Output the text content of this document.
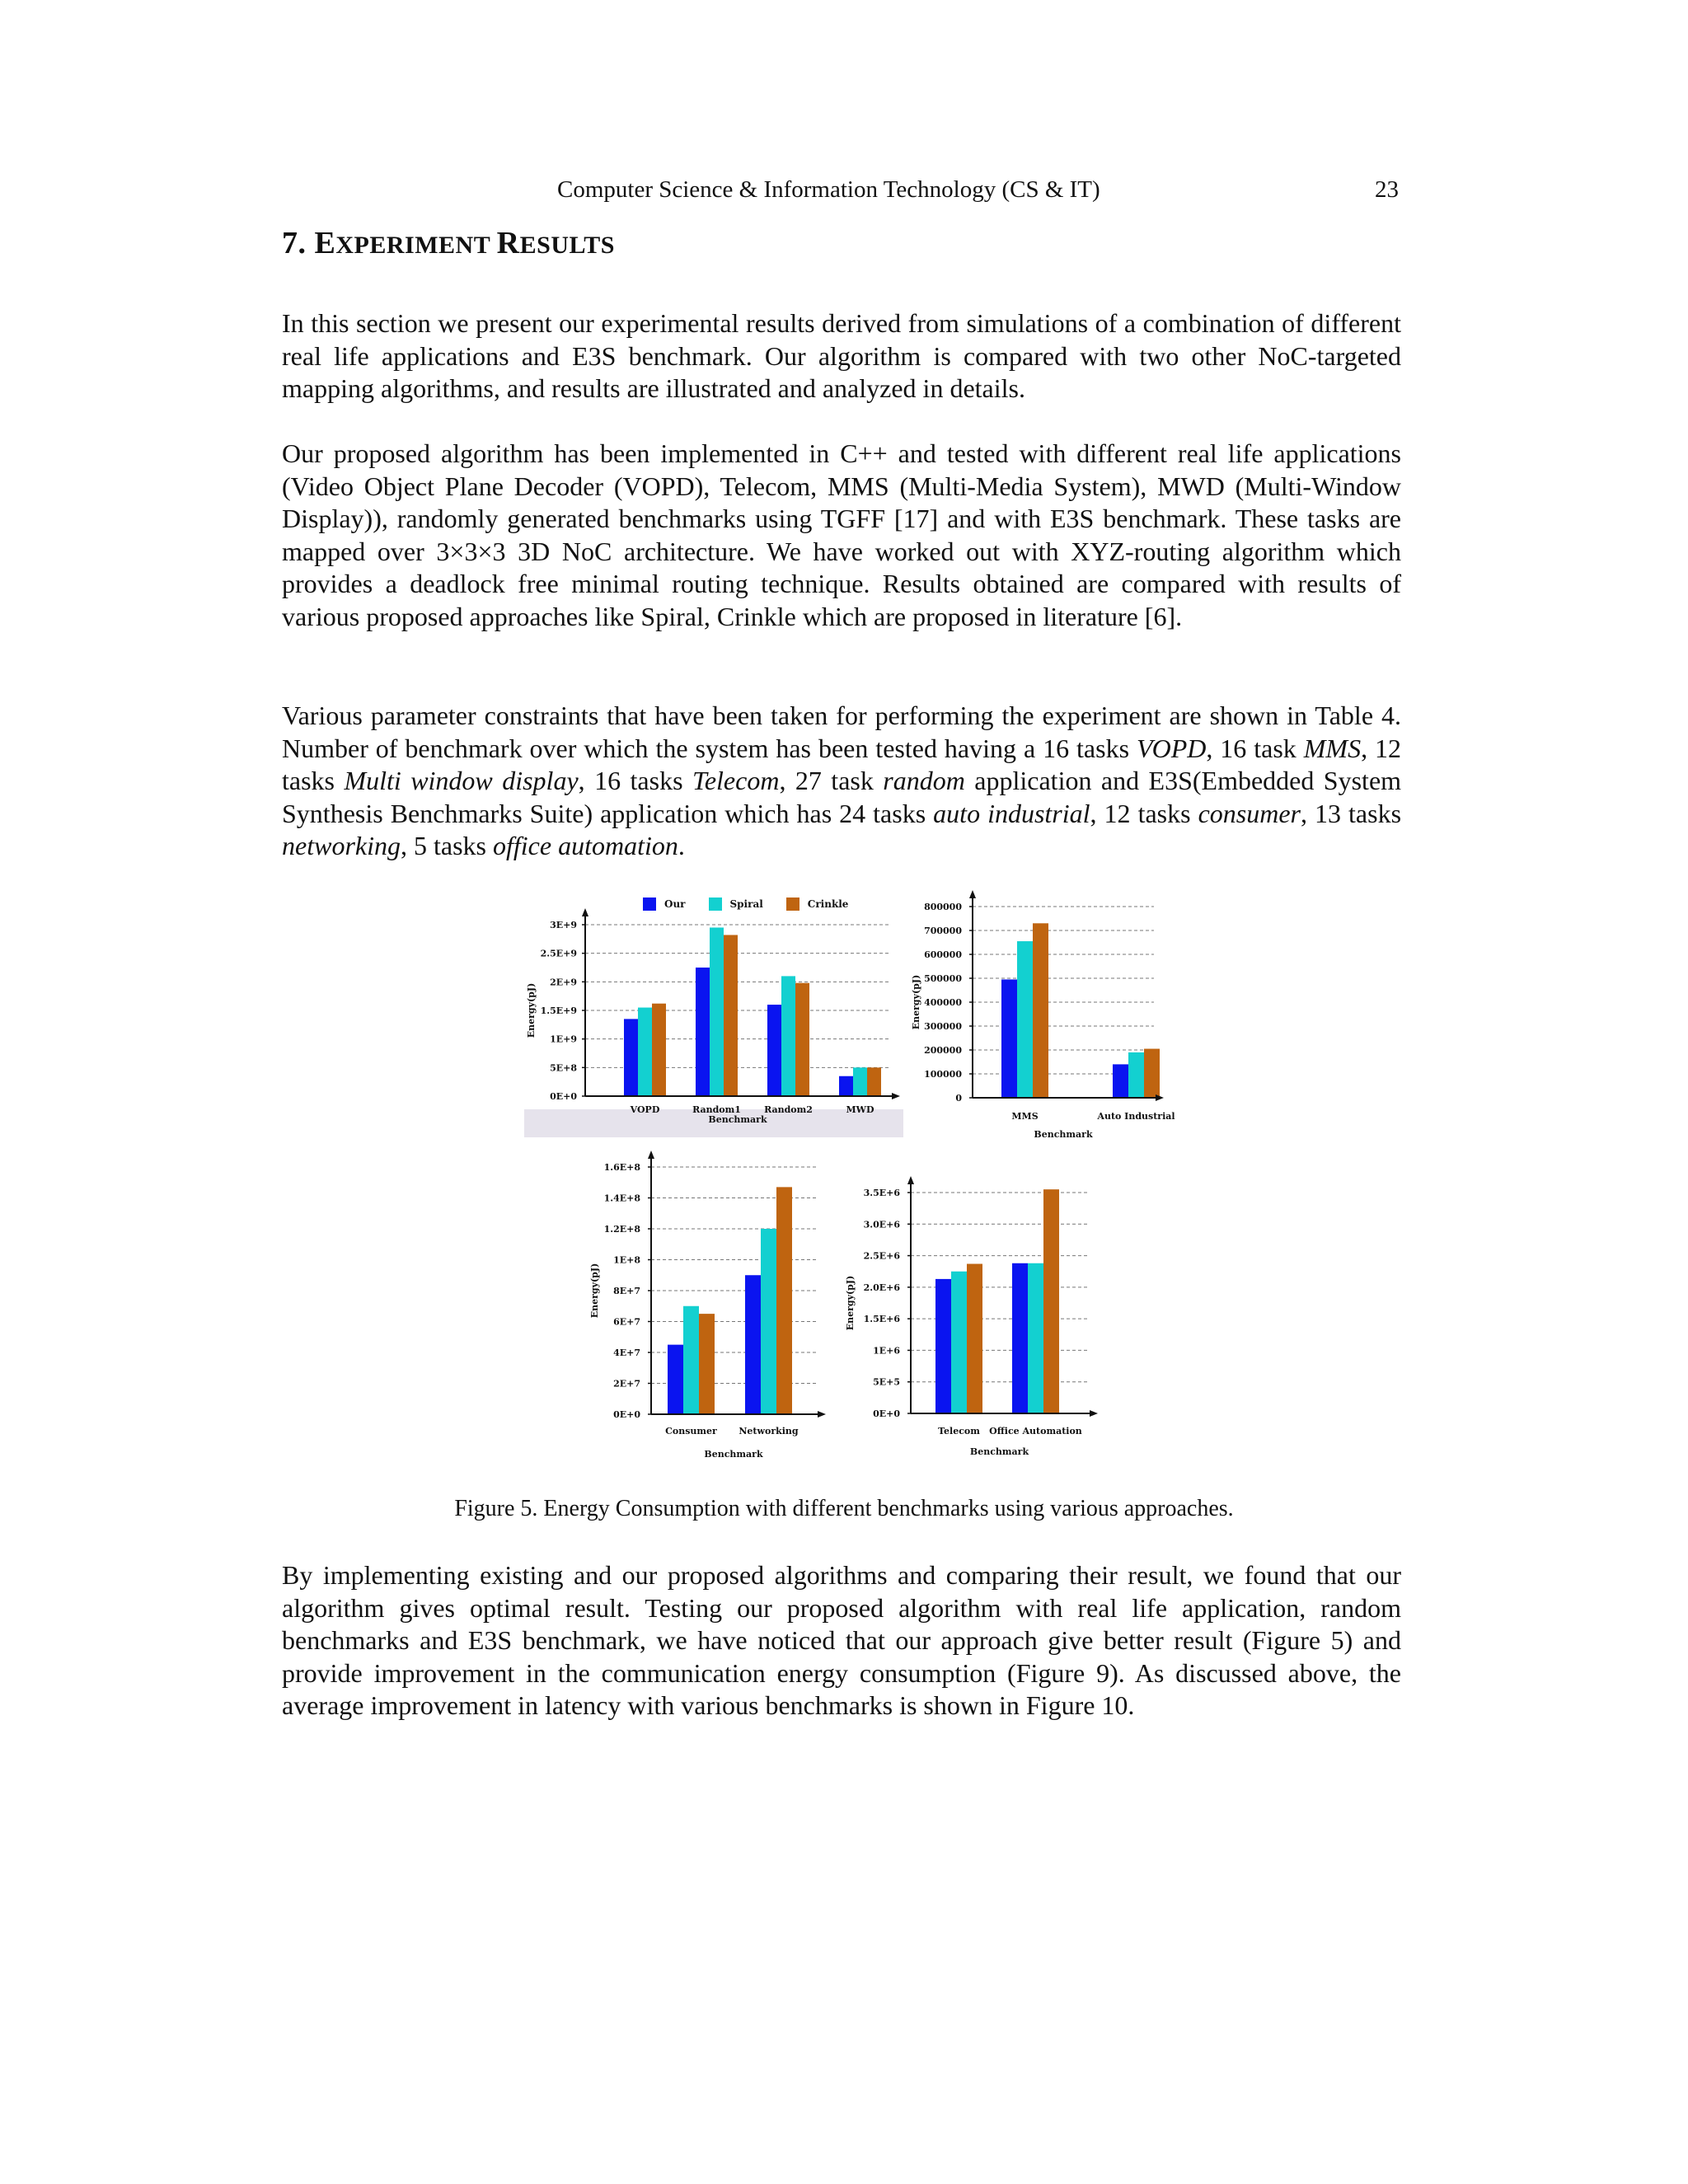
Computer Science & Information Technology (CS & IT)	23
7. EXPERIMENT RESULTS

In this section we present our experimental results derived from simulations of a combination of different real life applications and E3S benchmark. Our algorithm is compared with two other NoC-targeted mapping algorithms, and results are illustrated and analyzed in details.

Our proposed algorithm has been implemented in C++ and tested with different real life applications (Video Object Plane Decoder (VOPD), Telecom, MMS (Multi-Media System), MWD (Multi-Window Display)), randomly generated benchmarks using TGFF [17] and with E3S benchmark. These tasks are mapped over 3×3×3 3D NoC architecture. We have worked out with XYZ-routing algorithm which provides a deadlock free minimal routing technique. Results obtained are compared with results of various proposed approaches like Spiral, Crinkle which are proposed in literature [6].

Various parameter constraints that have been taken for performing the experiment are shown in Table 4. Number of benchmark over which the system has been tested having a 16 tasks VOPD, 16 task MMS, 12 tasks Multi window display, 16 tasks Telecom, 27 task random application and E3S(Embedded System Synthesis Benchmarks Suite) application which has 24 tasks auto industrial, 12 tasks consumer, 13 tasks networking, 5 tasks office automation.

Our	Spiral	Crinkle
0E+0
5E+8
1E+9
1.5E+9
2E+9
2.5E+9
3E+9
VOPD	Random1	Random2	MWD
Benchmark
Energy(pJ)
0
100000
200000
300000
400000
500000
600000
700000
800000
MMS	Auto Industrial
Benchmark
Energy(pJ)
0E+0
2E+7
4E+7
6E+7
8E+7
1E+8
1.2E+8
1.4E+8
1.6E+8
Consumer Networking
Benchmark
Energy(pJ)
0E+0
5E+5
1E+6
1.5E+6
2.0E+6
2.5E+6
3.0E+6
3.5E+6
Telecom Office Automation
Benchmark
Energy(pJ)
Figure 5. Energy Consumption with different benchmarks using various approaches.

By implementing existing and our proposed algorithms and comparing their result, we found that our algorithm gives optimal result. Testing our proposed algorithm with real life application, random benchmarks and E3S benchmark, we have noticed that our approach give better result (Figure 5) and provide improvement in the communication energy consumption (Figure 9). As discussed above, the average improvement in latency with various benchmarks is shown in Figure 10.
